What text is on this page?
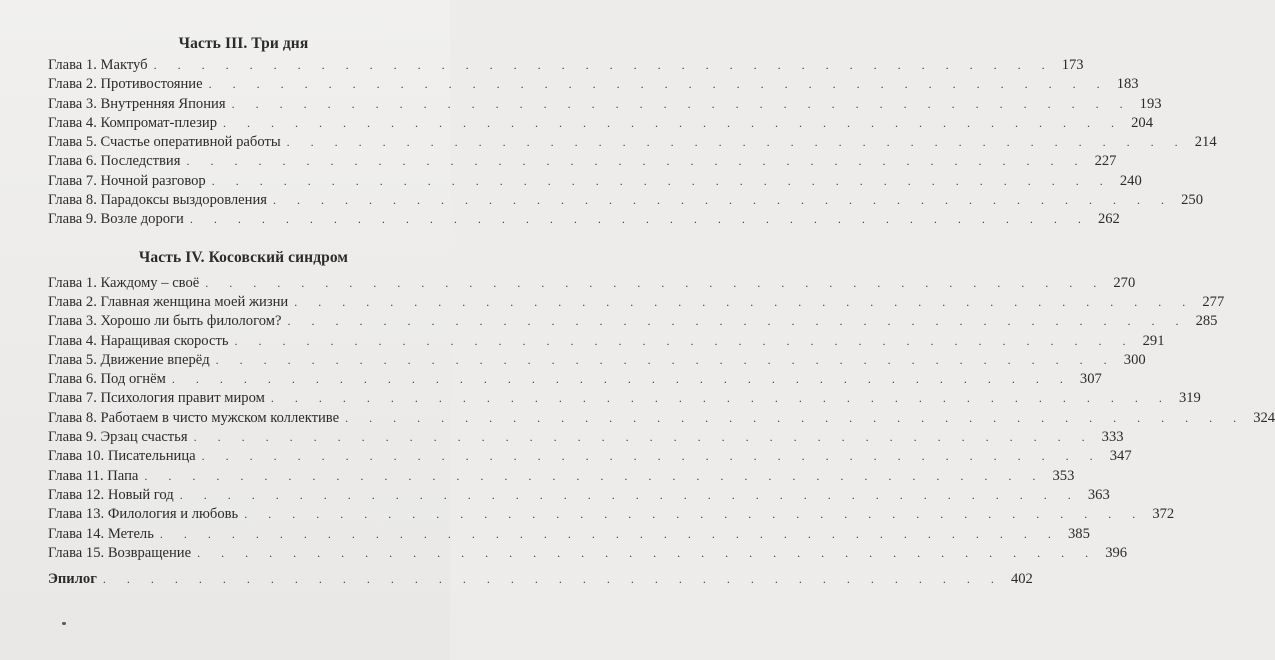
Часть III. Три дня
Глава 1. Мактуб . . . . . . . . . . . . . . . . . . . . . . . . . . . . . . . . . . . . . . 173
Глава 2. Противостояние . . . . . . . . . . . . . . . . . . . . . . . . . . . . . . . . . . . . . . 183
Глава 3. Внутренняя Япония . . . . . . . . . . . . . . . . . . . . . . . . . . . . . . . . . . . . . . 193
Глава 4. Компромат-плезир . . . . . . . . . . . . . . . . . . . . . . . . . . . . . . . . . . . . . . 204
Глава 5. Счастье оперативной работы . . . . . . . . . . . . . . . . . . . . . . . . . . . . . . . . . . . . . . 214
Глава 6. Последствия . . . . . . . . . . . . . . . . . . . . . . . . . . . . . . . . . . . . . . 227
Глава 7. Ночной разговор . . . . . . . . . . . . . . . . . . . . . . . . . . . . . . . . . . . . . . 240
Глава 8. Парадоксы выздоровления . . . . . . . . . . . . . . . . . . . . . . . . . . . . . . . . . . . . . . 250
Глава 9. Возле дороги . . . . . . . . . . . . . . . . . . . . . . . . . . . . . . . . . . . . . . 262
Часть IV. Косовский синдром
Глава 1. Каждому – своё . . . . . . . . . . . . . . . . . . . . . . . . . . . . . . . . . . . . . . 270
Глава 2. Главная женщина моей жизни . . . . . . . . . . . . . . . . . . . . . . . . . . . . . . . . . . . . . . 277
Глава 3. Хорошо ли быть филологом? . . . . . . . . . . . . . . . . . . . . . . . . . . . . . . . . . . . . . . 285
Глава 4. Наращивая скорость . . . . . . . . . . . . . . . . . . . . . . . . . . . . . . . . . . . . . . 291
Глава 5. Движение вперёд . . . . . . . . . . . . . . . . . . . . . . . . . . . . . . . . . . . . . . 300
Глава 6. Под огнём . . . . . . . . . . . . . . . . . . . . . . . . . . . . . . . . . . . . . . 307
Глава 7. Психология правит миром . . . . . . . . . . . . . . . . . . . . . . . . . . . . . . . . . . . . . . 319
Глава 8. Работаем в чисто мужском коллективе . . . . . . . . . . . . . . . . . . . . . . . . . . . . . . . . . . . . . . 324
Глава 9. Эрзац счастья . . . . . . . . . . . . . . . . . . . . . . . . . . . . . . . . . . . . . . 333
Глава 10. Писательница . . . . . . . . . . . . . . . . . . . . . . . . . . . . . . . . . . . . . . 347
Глава 11. Папа . . . . . . . . . . . . . . . . . . . . . . . . . . . . . . . . . . . . . . 353
Глава 12. Новый год . . . . . . . . . . . . . . . . . . . . . . . . . . . . . . . . . . . . . . 363
Глава 13. Филология и любовь . . . . . . . . . . . . . . . . . . . . . . . . . . . . . . . . . . . . . . 372
Глава 14. Метель . . . . . . . . . . . . . . . . . . . . . . . . . . . . . . . . . . . . . . 385
Глава 15. Возвращение . . . . . . . . . . . . . . . . . . . . . . . . . . . . . . . . . . . . . . 396
Эпилог . . . . . . . . . . . . . . . . . . . . . . . . . . . . . . . . . . . . . . 402
